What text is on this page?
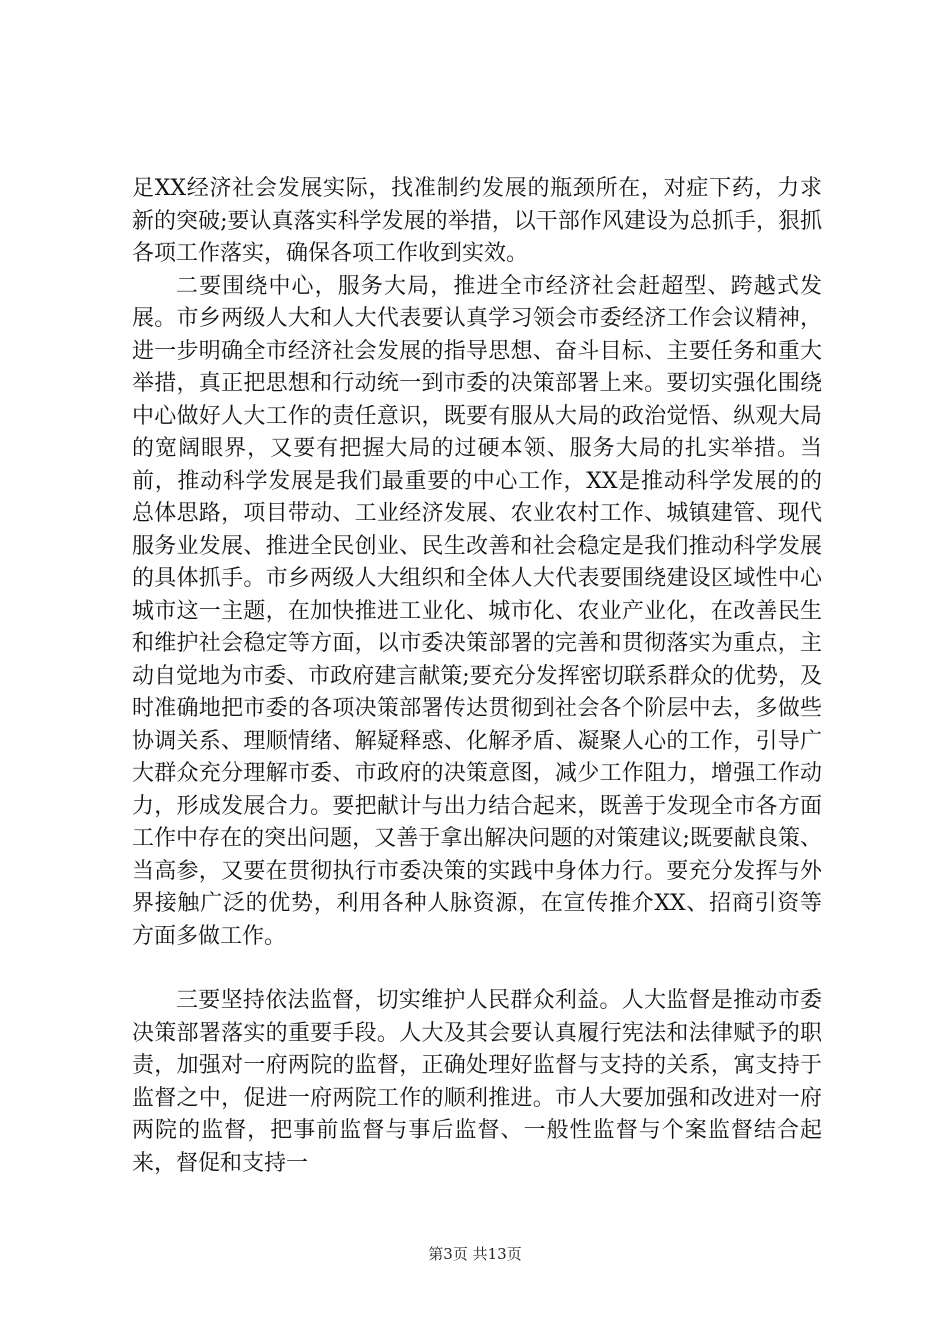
足XX经济社会发展实际，找准制约发展的瓶颈所在，对症下药，力求新的突破;要认真落实科学发展的举措，以干部作风建设为总抓手，狠抓各项工作落实，确保各项工作收到实效。

二要围绕中心，服务大局，推进全市经济社会赶超型、跨越式发展。市乡两级人大和人大代表要认真学习领会市委经济工作会议精神，进一步明确全市经济社会发展的指导思想、奋斗目标、主要任务和重大举措，真正把思想和行动统一到市委的决策部署上来。要切实强化围绕中心做好人大工作的责任意识，既要有服从大局的政治觉悟、纵观大局的宽阔眼界，又要有把握大局的过硬本领、服务大局的扎实举措。当前，推动科学发展是我们最重要的中心工作，XX是推动科学发展的的总体思路，项目带动、工业经济发展、农业农村工作、城镇建管、现代服务业发展、推进全民创业、民生改善和社会稳定是我们推动科学发展的具体抓手。市乡两级人大组织和全体人大代表要围绕建设区域性中心城市这一主题，在加快推进工业化、城市化、农业产业化，在改善民生和维护社会稳定等方面，以市委决策部署的完善和贯彻落实为重点，主动自觉地为市委、市政府建言献策;要充分发挥密切联系群众的优势，及时准确地把市委的各项决策部署传达贯彻到社会各个阶层中去，多做些协调关系、理顺情绪、解疑释惑、化解矛盾、凝聚人心的工作，引导广大群众充分理解市委、市政府的决策意图，减少工作阻力，增强工作动力，形成发展合力。要把献计与出力结合起来，既善于发现全市各方面工作中存在的突出问题，又善于拿出解决问题的对策建议;既要献良策、当高参，又要在贯彻执行市委决策的实践中身体力行。要充分发挥与外界接触广泛的优势，利用各种人脉资源，在宣传推介XX、招商引资等方面多做工作。

三要坚持依法监督，切实维护人民群众利益。人大监督是推动市委决策部署落实的重要手段。人大及其会要认真履行宪法和法律赋予的职责，加强对一府两院的监督，正确处理好监督与支持的关系，寓支持于监督之中，促进一府两院工作的顺利推进。市人大要加强和改进对一府两院的监督，把事前监督与事后监督、一般性监督与个案监督结合起来，督促和支持一

第3页 共13页
